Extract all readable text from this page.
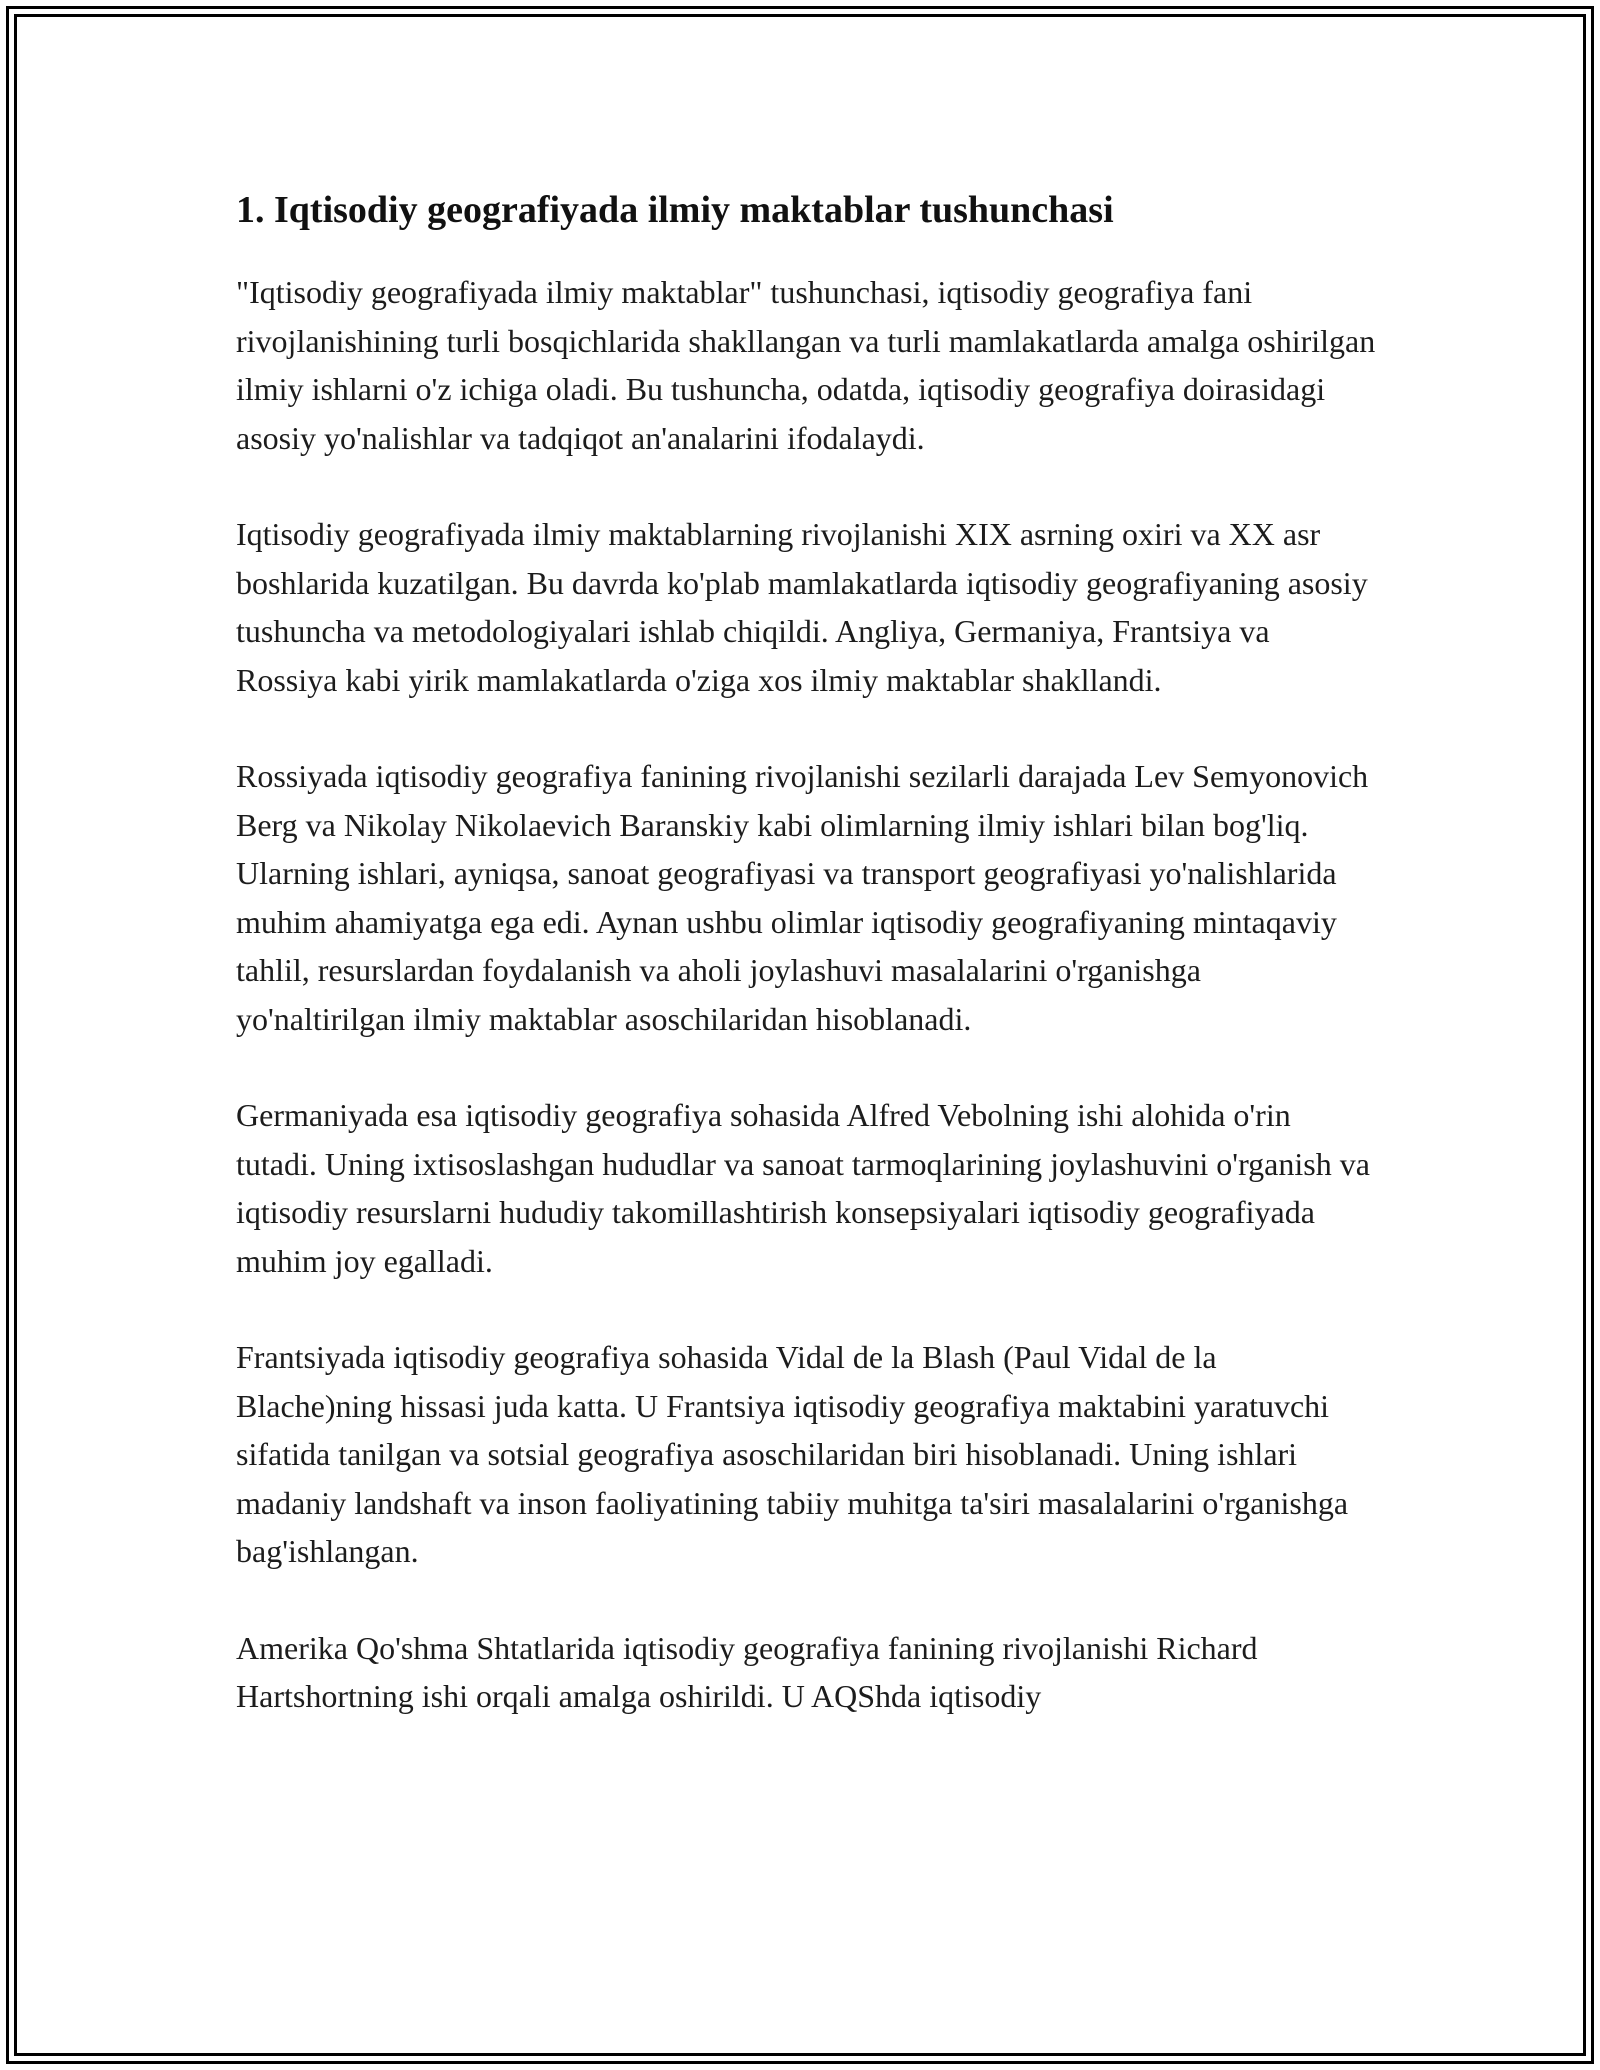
1. Iqtisodiy geografiyada ilmiy maktablar tushunchasi

"Iqtisodiy geografiyada ilmiy maktablar" tushunchasi, iqtisodiy geografiya fani rivojlanishining turli bosqichlarida shakllangan va turli mamlakatlarda amalga oshirilgan ilmiy ishlarni o'z ichiga oladi. Bu tushuncha, odatda, iqtisodiy geografiya doirasidagi asosiy yo'nalishlar va tadqiqot an'analarini ifodalaydi.

Iqtisodiy geografiyada ilmiy maktablarning rivojlanishi XIX asrning oxiri va XX asr boshlarida kuzatilgan. Bu davrda ko'plab mamlakatlarda iqtisodiy geografiyaning asosiy tushuncha va metodologiyalari ishlab chiqildi. Angliya, Germaniya, Frantsiya va Rossiya kabi yirik mamlakatlarda o'ziga xos ilmiy maktablar shakllandi.

Rossiyada iqtisodiy geografiya fanining rivojlanishi sezilarli darajada Lev Semyonovich Berg va Nikolay Nikolaevich Baranskiy kabi olimlarning ilmiy ishlari bilan bog'liq. Ularning ishlari, ayniqsa, sanoat geografiyasi va transport geografiyasi yo'nalishlarida muhim ahamiyatga ega edi. Aynan ushbu olimlar iqtisodiy geografiyaning mintaqaviy tahlil, resurslardan foydalanish va aholi joylashuvi masalalarini o'rganishga yo'naltirilgan ilmiy maktablar asoschilaridan hisoblanadi.

Germaniyada esa iqtisodiy geografiya sohasida Alfred Vebolning ishi alohida o'rin tutadi. Uning ixtisoslashgan hududlar va sanoat tarmoqlarining joylashuvini o'rganish va iqtisodiy resurslarni hududiy takomillashtirish konsepsiyalari iqtisodiy geografiyada muhim joy egalladi.

Frantsiyada iqtisodiy geografiya sohasida Vidal de la Blash (Paul Vidal de la Blache)ning hissasi juda katta. U Frantsiya iqtisodiy geografiya maktabini yaratuvchi sifatida tanilgan va sotsial geografiya asoschilaridan biri hisoblanadi. Uning ishlari madaniy landshaft va inson faoliyatining tabiiy muhitga ta'siri masalalarini o'rganishga bag'ishlangan.

Amerika Qo'shma Shtatlarida iqtisodiy geografiya fanining rivojlanishi Richard Hartshortning ishi orqali amalga oshirildi. U AQShda iqtisodiy
